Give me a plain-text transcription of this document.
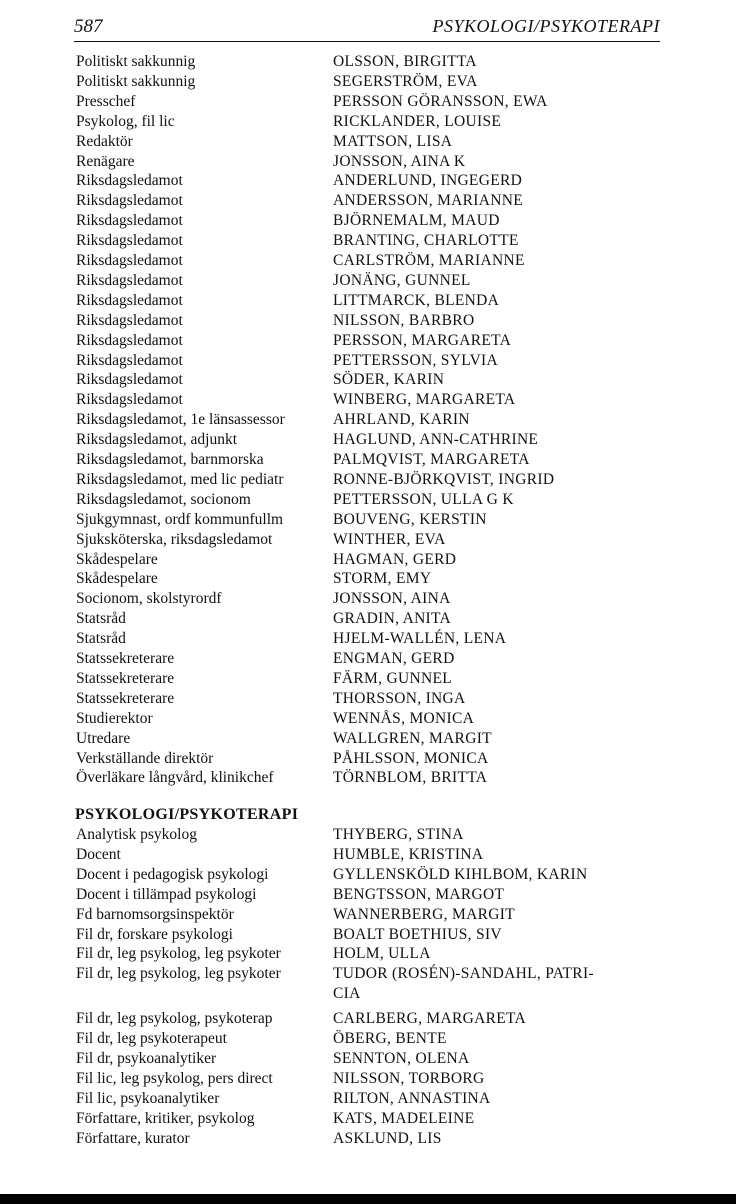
587	PSYKOLOGI/PSYKOTERAPI
Politiskt sakkunnig	OLSSON, BIRGITTA
Politiskt sakkunnig	SEGERSTRÖM, EVA
Presschef	PERSSON GÖRANSSON, EWA
Psykolog, fil lic	RICKLANDER, LOUISE
Redaktör	MATTSON, LISA
Renägare	JONSSON, AINA K
Riksdagsledamot	ANDERLUND, INGEGERD
Riksdagsledamot	ANDERSSON, MARIANNE
Riksdagsledamot	BJÖRNEMALM, MAUD
Riksdagsledamot	BRANTING, CHARLOTTE
Riksdagsledamot	CARLSTRÖM, MARIANNE
Riksdagsledamot	JONÄNG, GUNNEL
Riksdagsledamot	LITTMARCK, BLENDA
Riksdagsledamot	NILSSON, BARBRO
Riksdagsledamot	PERSSON, MARGARETA
Riksdagsledamot	PETTERSSON, SYLVIA
Riksdagsledamot	SÖDER, KARIN
Riksdagsledamot	WINBERG, MARGARETA
Riksdagsledamot, 1e länsassessor	AHRLAND, KARIN
Riksdagsledamot, adjunkt	HAGLUND, ANN-CATHRINE
Riksdagsledamot, barnmorska	PALMQVIST, MARGARETA
Riksdagsledamot, med lic pediatr	RONNE-BJÖRKQVIST, INGRID
Riksdagsledamot, socionom	PETTERSSON, ULLA G K
Sjukgymnast, ordf kommunfullm	BOUVENG, KERSTIN
Sjuksköterska, riksdagsledamot	WINTHER, EVA
Skådespelare	HAGMAN, GERD
Skådespelare	STORM, EMY
Socionom, skolstyrordf	JONSSON, AINA
Statsråd	GRADIN, ANITA
Statsråd	HJELM-WALLÉN, LENA
Statssekreterare	ENGMAN, GERD
Statssekreterare	FÄRM, GUNNEL
Statssekreterare	THORSSON, INGA
Studierektor	WENNÅS, MONICA
Utredare	WALLGREN, MARGIT
Verkställande direktör	PÅHLSSON, MONICA
Överläkare långvård, klinikchef	TÖRNBLOM, BRITTA
PSYKOLOGI/PSYKOTERAPI
Analytisk psykolog	THYBERG, STINA
Docent	HUMBLE, KRISTINA
Docent i pedagogisk psykologi	GYLLENSKÖLD KIHLBOM, KARIN
Docent i tillämpad psykologi	BENGTSSON, MARGOT
Fd barnomsorgsinspektör	WANNERBERG, MARGIT
Fil dr, forskare psykologi	BOALT BOETHIUS, SIV
Fil dr, leg psykolog, leg psykoter	HOLM, ULLA
Fil dr, leg psykolog, leg psykoter	TUDOR (ROSÉN)-SANDAHL, PATRI-
CIA
Fil dr, leg psykolog, psykoterap	CARLBERG, MARGARETA
Fil dr, leg psykoterapeut	ÖBERG, BENTE
Fil dr, psykoanalytiker	SENNTON, OLENA
Fil lic, leg psykolog, pers direct	NILSSON, TORBORG
Fil lic, psykoanalytiker	RILTON, ANNASTINA
Författare, kritiker, psykolog	KATS, MADELEINE
Författare, kurator	ASKLUND, LIS
